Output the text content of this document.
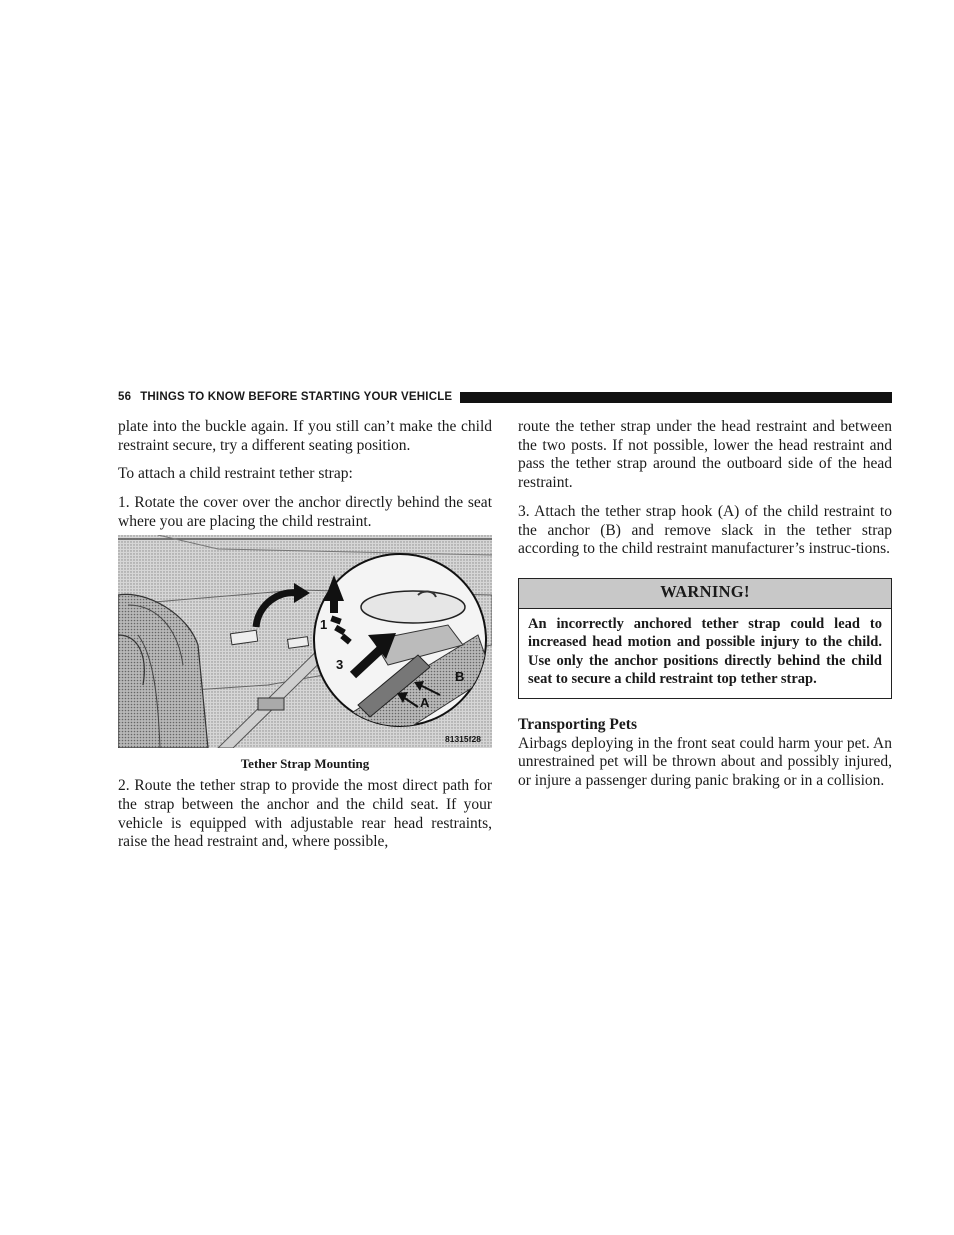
56 THINGS TO KNOW BEFORE STARTING YOUR VEHICLE

plate into the buckle again. If you still can’t make the child restraint secure, try a different seating position.

To attach a child restraint tether strap:

1. Rotate the cover over the anchor directly behind the seat where you are placing the child restraint.

1
3
B
A
81315f28
Tether Strap Mounting

2. Route the tether strap to provide the most direct path for the strap between the anchor and the child seat. If your vehicle is equipped with adjustable rear head restraints, raise the head restraint and, where possible,

route the tether strap under the head restraint and between the two posts. If not possible, lower the head restraint and pass the tether strap around the outboard side of the head restraint.

3. Attach the tether strap hook (A) of the child restraint to the anchor (B) and remove slack in the tether strap according to the child restraint manufacturer’s instruc-tions.

WARNING!
An incorrectly anchored tether strap could lead to increased head motion and possible injury to the child. Use only the anchor positions directly behind the child seat to secure a child restraint top tether strap.
Transporting Pets

Airbags deploying in the front seat could harm your pet. An unrestrained pet will be thrown about and possibly injured, or injure a passenger during panic braking or in a collision.
